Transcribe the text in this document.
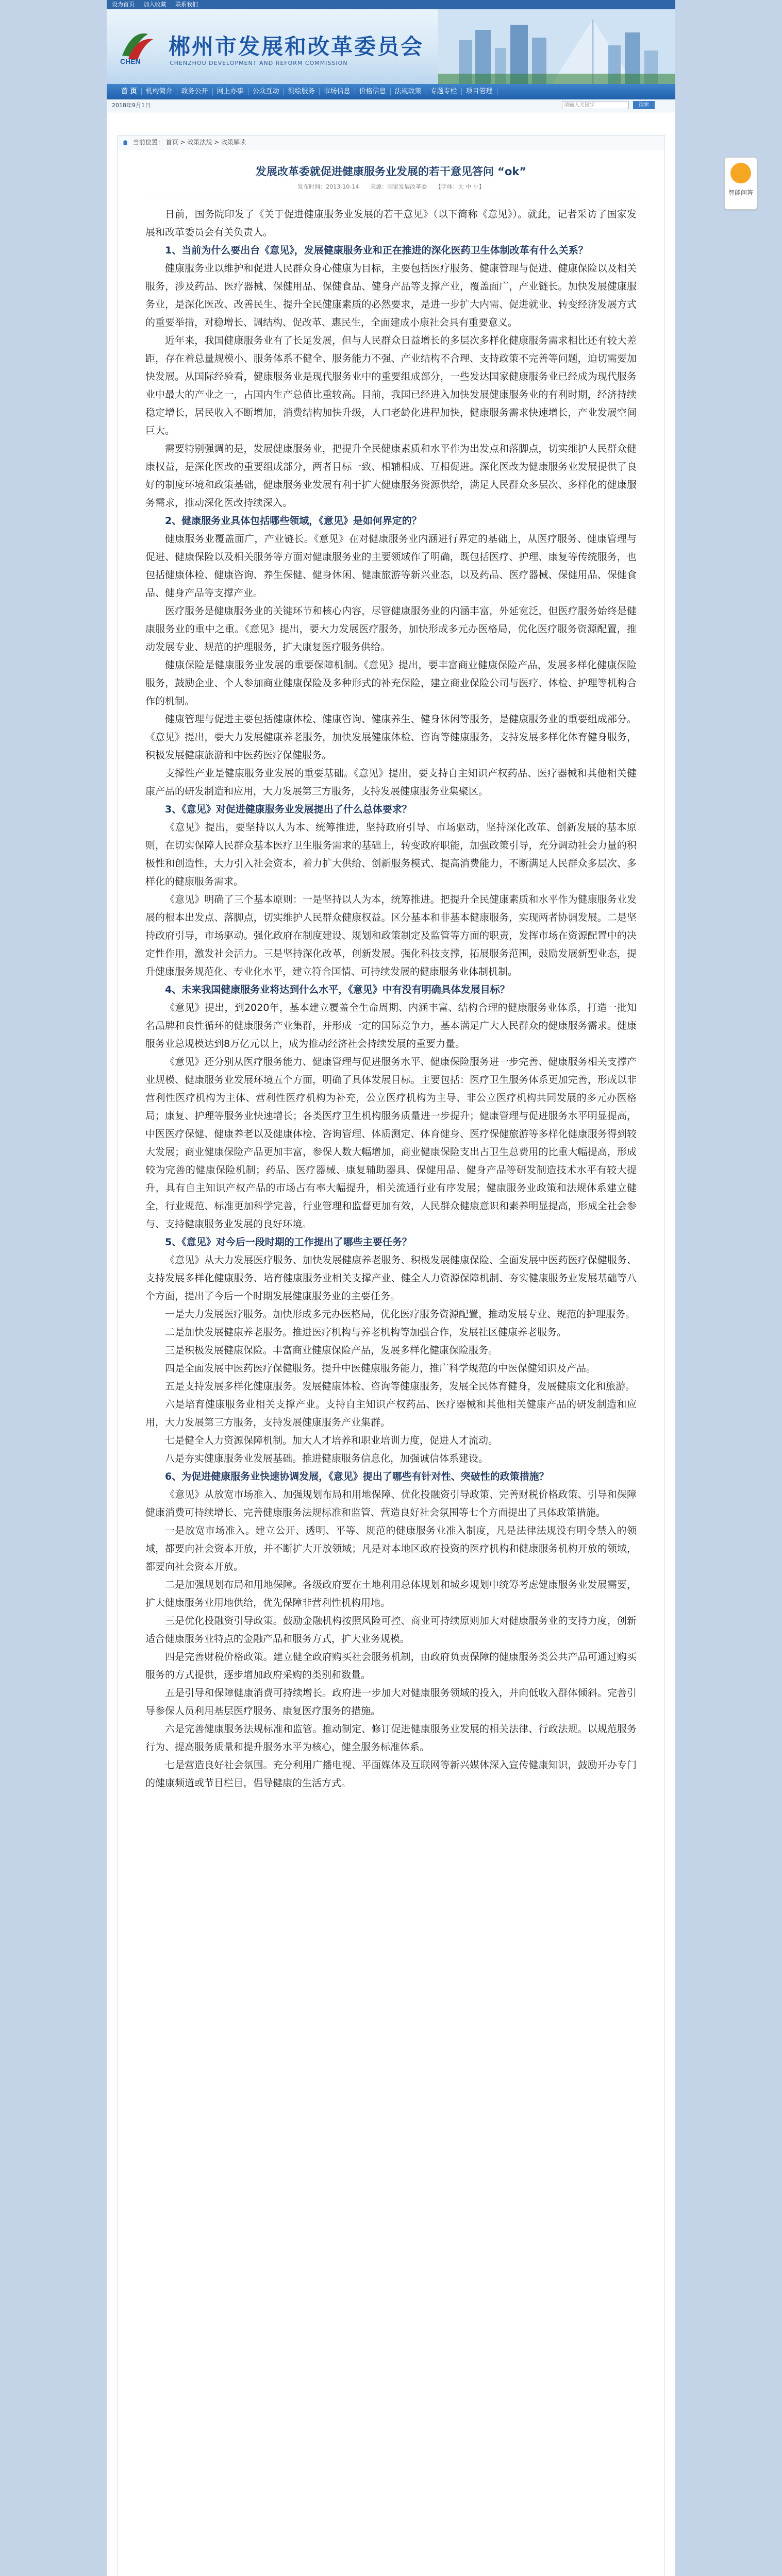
设为首页 加入收藏 联系我们
CHEN
郴州市发展和改革委员会
CHENZHOU DEVELOPMENT AND REFORM COMMISSION
首 页	机构简介	政务公开	网上办事	公众互动	测绘服务	市场信息	价格信息	法规政策	专题专栏	项目管理
2018年9月1日	请输入关键字	搜索
当前位置： 首页 > 政策法规 > 政策解读
发展改革委就促进健康服务业发展的若干意见答问 “ok”
发布时间：2013-10-14　　来源：国家发展改革委　　【字体：大 中 小】

日前，国务院印发了《关于促进健康服务业发展的若干意见》（以下简称《意见》）。就此，记者采访了国家发展和改革委员会有关负责人。

1、当前为什么要出台《意见》，发展健康服务业和正在推进的深化医药卫生体制改革有什么关系？

健康服务业以维护和促进人民群众身心健康为目标，主要包括医疗服务、健康管理与促进、健康保险以及相关服务，涉及药品、医疗器械、保健用品、保健食品、健身产品等支撑产业，覆盖面广，产业链长。加快发展健康服务业，是深化医改、改善民生、提升全民健康素质的必然要求，是进一步扩大内需、促进就业、转变经济发展方式的重要举措，对稳增长、调结构、促改革、惠民生，全面建成小康社会具有重要意义。

近年来，我国健康服务业有了长足发展，但与人民群众日益增长的多层次多样化健康服务需求相比还有较大差距，存在着总量规模小、服务体系不健全、服务能力不强、产业结构不合理、支持政策不完善等问题，迫切需要加快发展。从国际经验看，健康服务业是现代服务业中的重要组成部分，一些发达国家健康服务业已经成为现代服务业中最大的产业之一，占国内生产总值比重较高。目前，我国已经进入加快发展健康服务业的有利时期，经济持续稳定增长，居民收入不断增加，消费结构加快升级，人口老龄化进程加快，健康服务需求快速增长，产业发展空间巨大。

需要特别强调的是，发展健康服务业，把提升全民健康素质和水平作为出发点和落脚点，切实维护人民群众健康权益，是深化医改的重要组成部分，两者目标一致、相辅相成、互相促进。深化医改为健康服务业发展提供了良好的制度环境和政策基础，健康服务业发展有利于扩大健康服务资源供给，满足人民群众多层次、多样化的健康服务需求，推动深化医改持续深入。

2、健康服务业具体包括哪些领域，《意见》是如何界定的？

健康服务业覆盖面广，产业链长。《意见》在对健康服务业内涵进行界定的基础上，从医疗服务、健康管理与促进、健康保险以及相关服务等方面对健康服务业的主要领域作了明确，既包括医疗、护理、康复等传统服务，也包括健康体检、健康咨询、养生保健、健身休闲、健康旅游等新兴业态，以及药品、医疗器械、保健用品、保健食品、健身产品等支撑产业。

医疗服务是健康服务业的关键环节和核心内容，尽管健康服务业的内涵丰富，外延宽泛，但医疗服务始终是健康服务业的重中之重。《意见》提出，要大力发展医疗服务，加快形成多元办医格局，优化医疗服务资源配置，推动发展专业、规范的护理服务，扩大康复医疗服务供给。

健康保险是健康服务业发展的重要保障机制。《意见》提出，要丰富商业健康保险产品，发展多样化健康保险服务，鼓励企业、个人参加商业健康保险及多种形式的补充保险，建立商业保险公司与医疗、体检、护理等机构合作的机制。

健康管理与促进主要包括健康体检、健康咨询、健康养生、健身休闲等服务，是健康服务业的重要组成部分。《意见》提出，要大力发展健康养老服务，加快发展健康体检、咨询等健康服务，支持发展多样化体育健身服务，积极发展健康旅游和中医药医疗保健服务。

支撑性产业是健康服务业发展的重要基础。《意见》提出，要支持自主知识产权药品、医疗器械和其他相关健康产品的研发制造和应用，大力发展第三方服务，支持发展健康服务业集聚区。

3、《意见》对促进健康服务业发展提出了什么总体要求？

《意见》提出，要坚持以人为本、统筹推进，坚持政府引导、市场驱动，坚持深化改革、创新发展的基本原则，在切实保障人民群众基本医疗卫生服务需求的基础上，转变政府职能，加强政策引导，充分调动社会力量的积极性和创造性，大力引入社会资本，着力扩大供给、创新服务模式、提高消费能力，不断满足人民群众多层次、多样化的健康服务需求。

《意见》明确了三个基本原则：一是坚持以人为本，统筹推进。把提升全民健康素质和水平作为健康服务业发展的根本出发点、落脚点，切实维护人民群众健康权益。区分基本和非基本健康服务，实现两者协调发展。二是坚持政府引导，市场驱动。强化政府在制度建设、规划和政策制定及监管等方面的职责，发挥市场在资源配置中的决定性作用，激发社会活力。三是坚持深化改革，创新发展。强化科技支撑，拓展服务范围，鼓励发展新型业态，提升健康服务规范化、专业化水平，建立符合国情、可持续发展的健康服务业体制机制。

4、未来我国健康服务业将达到什么水平，《意见》中有没有明确具体发展目标？

《意见》提出，到2020年，基本建立覆盖全生命周期、内涵丰富、结构合理的健康服务业体系，打造一批知名品牌和良性循环的健康服务产业集群，并形成一定的国际竞争力，基本满足广大人民群众的健康服务需求。健康服务业总规模达到8万亿元以上，成为推动经济社会持续发展的重要力量。

《意见》还分别从医疗服务能力、健康管理与促进服务水平、健康保险服务进一步完善、健康服务相关支撑产业规模、健康服务业发展环境五个方面，明确了具体发展目标。主要包括：医疗卫生服务体系更加完善，形成以非营利性医疗机构为主体、营利性医疗机构为补充，公立医疗机构为主导、非公立医疗机构共同发展的多元办医格局；康复、护理等服务业快速增长；各类医疗卫生机构服务质量进一步提升；健康管理与促进服务水平明显提高，中医医疗保健、健康养老以及健康体检、咨询管理、体质测定、体育健身、医疗保健旅游等多样化健康服务得到较大发展；商业健康保险产品更加丰富，参保人数大幅增加，商业健康保险支出占卫生总费用的比重大幅提高，形成较为完善的健康保险机制；药品、医疗器械、康复辅助器具、保健用品、健身产品等研发制造技术水平有较大提升，具有自主知识产权产品的市场占有率大幅提升，相关流通行业有序发展；健康服务业政策和法规体系建立健全，行业规范、标准更加科学完善，行业管理和监督更加有效，人民群众健康意识和素养明显提高，形成全社会参与、支持健康服务业发展的良好环境。

5、《意见》对今后一段时期的工作提出了哪些主要任务？

《意见》从大力发展医疗服务、加快发展健康养老服务、积极发展健康保险、全面发展中医药医疗保健服务、支持发展多样化健康服务、培育健康服务业相关支撑产业、健全人力资源保障机制、夯实健康服务业发展基础等八个方面，提出了今后一个时期发展健康服务业的主要任务。

一是大力发展医疗服务。加快形成多元办医格局，优化医疗服务资源配置，推动发展专业、规范的护理服务。

二是加快发展健康养老服务。推进医疗机构与养老机构等加强合作，发展社区健康养老服务。

三是积极发展健康保险。丰富商业健康保险产品，发展多样化健康保险服务。

四是全面发展中医药医疗保健服务。提升中医健康服务能力，推广科学规范的中医保健知识及产品。

五是支持发展多样化健康服务。发展健康体检、咨询等健康服务，发展全民体育健身，发展健康文化和旅游。

六是培育健康服务业相关支撑产业。支持自主知识产权药品、医疗器械和其他相关健康产品的研发制造和应用，大力发展第三方服务，支持发展健康服务产业集群。

七是健全人力资源保障机制。加大人才培养和职业培训力度，促进人才流动。

八是夯实健康服务业发展基础。推进健康服务信息化，加强诚信体系建设。

6、为促进健康服务业快速协调发展，《意见》提出了哪些有针对性、突破性的政策措施？

《意见》从放宽市场准入、加强规划布局和用地保障、优化投融资引导政策、完善财税价格政策、引导和保障健康消费可持续增长、完善健康服务法规标准和监管、营造良好社会氛围等七个方面提出了具体政策措施。

一是放宽市场准入。建立公开、透明、平等、规范的健康服务业准入制度，凡是法律法规没有明令禁入的领域，都要向社会资本开放，并不断扩大开放领域；凡是对本地区政府投资的医疗机构和健康服务机构开放的领域，都要向社会资本开放。

二是加强规划布局和用地保障。各级政府要在土地利用总体规划和城乡规划中统筹考虑健康服务业发展需要，扩大健康服务业用地供给，优先保障非营利性机构用地。

三是优化投融资引导政策。鼓励金融机构按照风险可控、商业可持续原则加大对健康服务业的支持力度，创新适合健康服务业特点的金融产品和服务方式，扩大业务规模。

四是完善财税价格政策。建立健全政府购买社会服务机制，由政府负责保障的健康服务类公共产品可通过购买服务的方式提供，逐步增加政府采购的类别和数量。

五是引导和保障健康消费可持续增长。政府进一步加大对健康服务领域的投入，并向低收入群体倾斜。完善引导参保人员利用基层医疗服务、康复医疗服务的措施。

六是完善健康服务法规标准和监管。推动制定、修订促进健康服务业发展的相关法律、行政法规。以规范服务行为、提高服务质量和提升服务水平为核心，健全服务标准体系。

七是营造良好社会氛围。充分利用广播电视、平面媒体及互联网等新兴媒体深入宣传健康知识，鼓励开办专门的健康频道或节目栏目，倡导健康的生活方式。

智能问答
